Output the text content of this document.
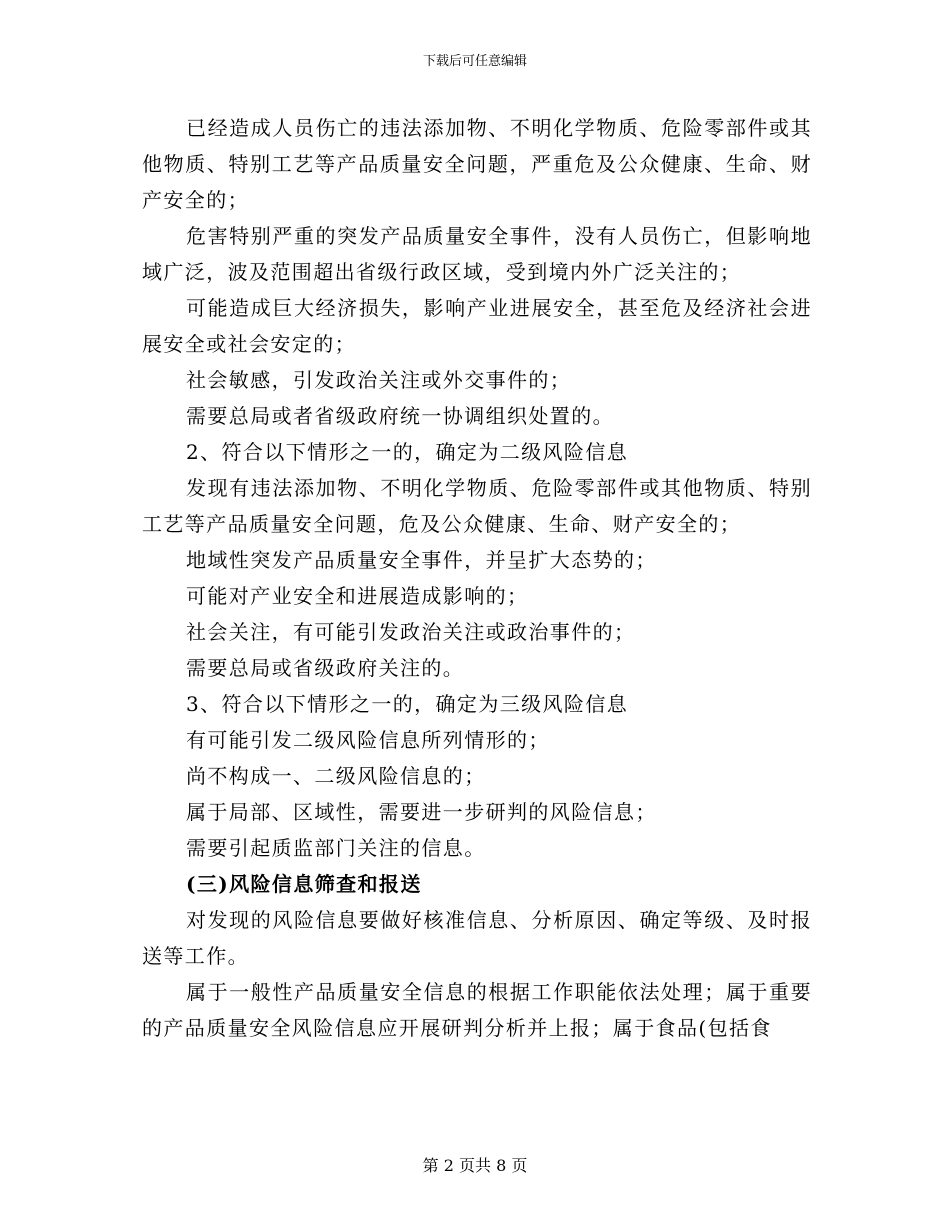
下载后可任意编辑

已经造成人员伤亡的违法添加物、不明化学物质、危险零部件或其他物质、特别工艺等产品质量安全问题，严重危及公众健康、生命、财产安全的；

危害特别严重的突发产品质量安全事件，没有人员伤亡，但影响地域广泛，波及范围超出省级行政区域，受到境内外广泛关注的；

可能造成巨大经济损失，影响产业进展安全，甚至危及经济社会进展安全或社会安定的；

社会敏感，引发政治关注或外交事件的；

需要总局或者省级政府统一协调组织处置的。

2、符合以下情形之一的，确定为二级风险信息

发现有违法添加物、不明化学物质、危险零部件或其他物质、特别工艺等产品质量安全问题，危及公众健康、生命、财产安全的；

地域性突发产品质量安全事件，并呈扩大态势的；

可能对产业安全和进展造成影响的；

社会关注，有可能引发政治关注或政治事件的；

需要总局或省级政府关注的。

3、符合以下情形之一的，确定为三级风险信息

有可能引发二级风险信息所列情形的；

尚不构成一、二级风险信息的；

属于局部、区域性，需要进一步研判的风险信息；

需要引起质监部门关注的信息。

(三)风险信息筛查和报送

对发现的风险信息要做好核准信息、分析原因、确定等级、及时报送等工作。

属于一般性产品质量安全信息的根据工作职能依法处理；属于重要的产品质量安全风险信息应开展研判分析并上报；属于食品(包括食

第 2 页共 8 页
